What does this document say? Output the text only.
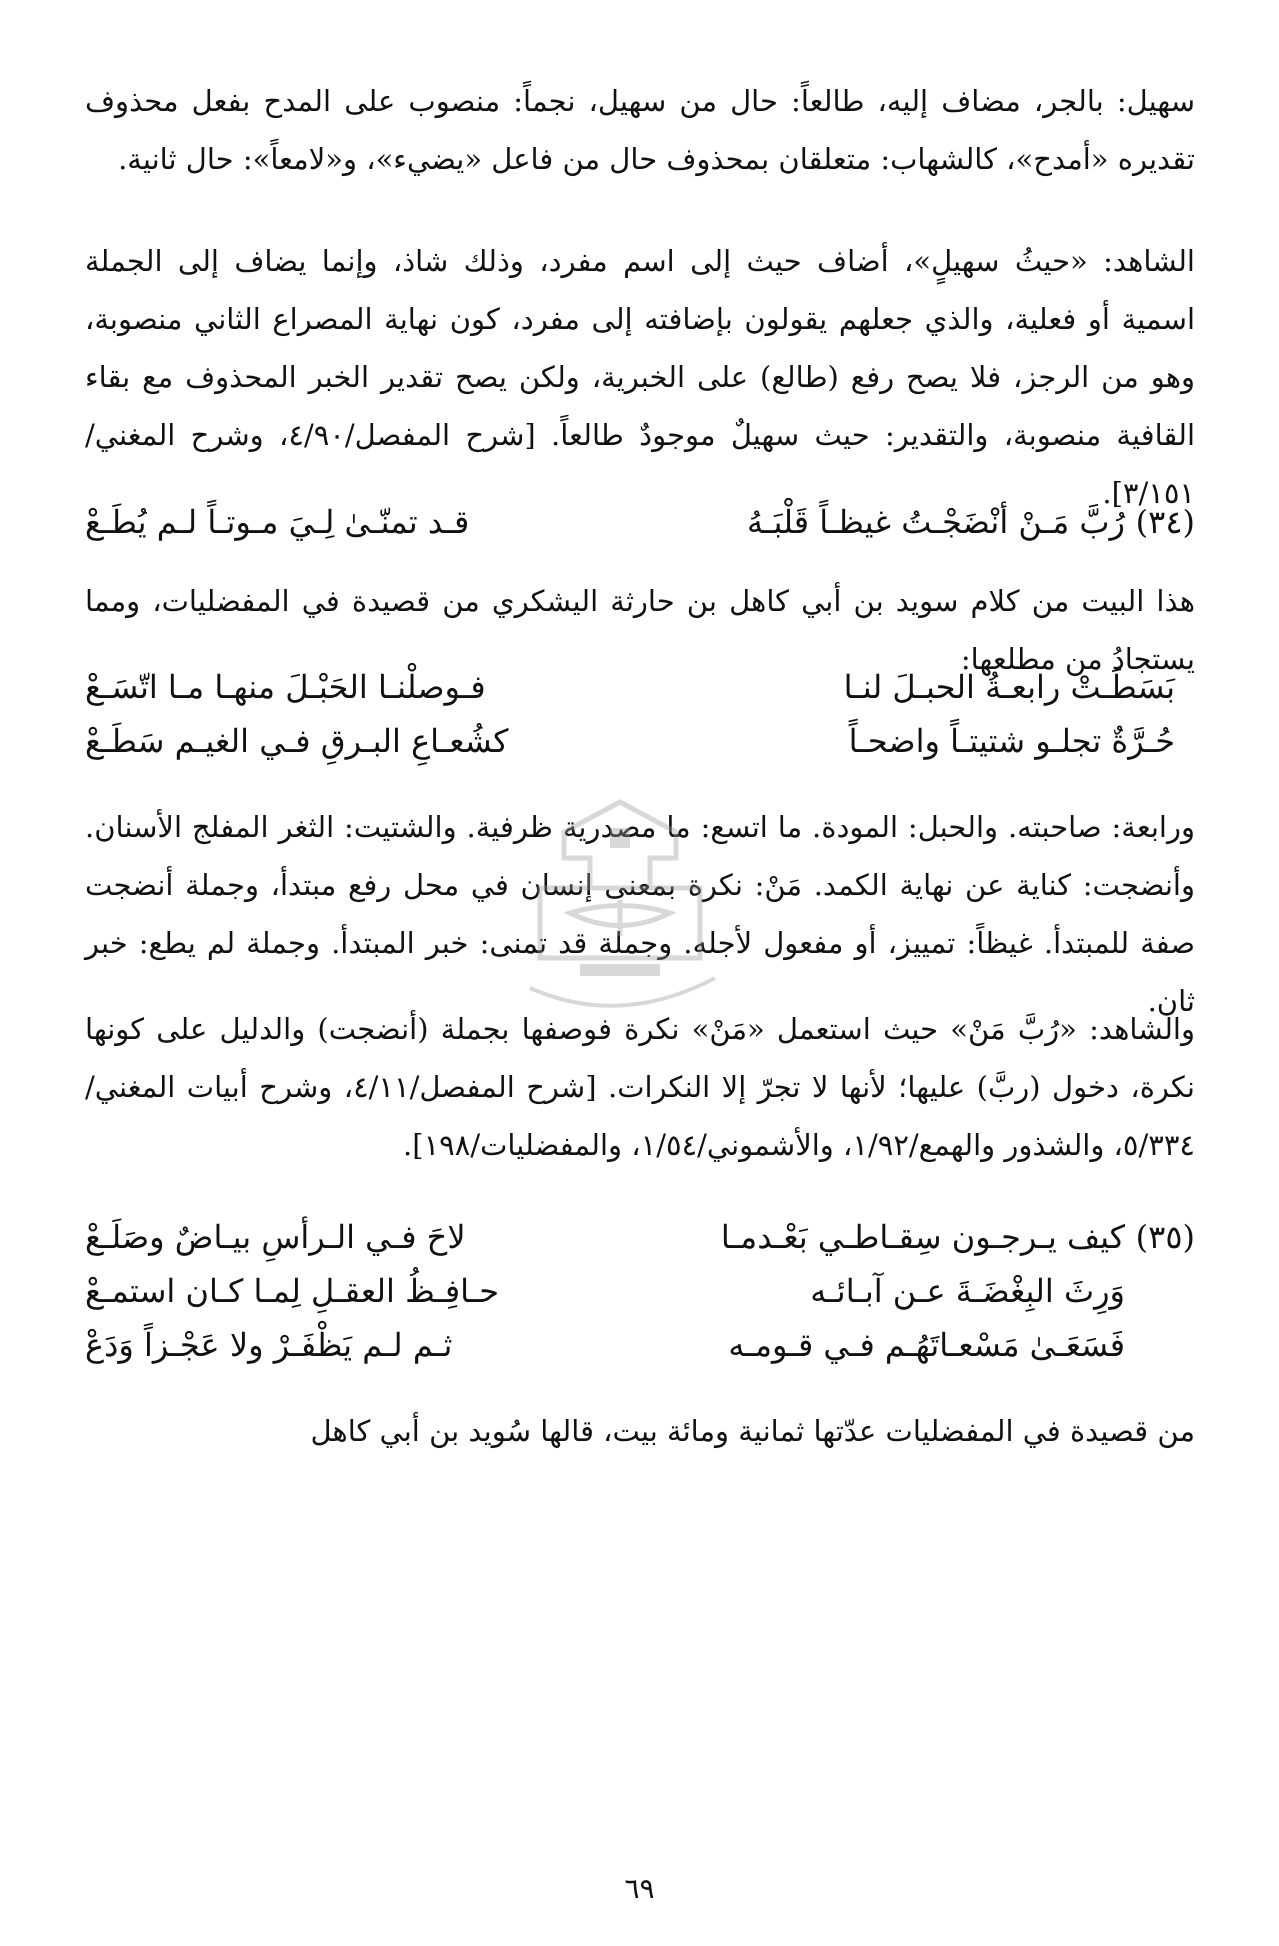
سهيل: بالجر، مضاف إليه، طالعاً: حال من سهيل، نجماً: منصوب على المدح بفعل محذوف تقديره «أمدح»، كالشهاب: متعلقان بمحذوف حال من فاعل «يضيء»، و«لامعاً»: حال ثانية.

الشاهد: «حيثُ سهيلٍ»، أضاف حيث إلى اسم مفرد، وذلك شاذ، وإنما يضاف إلى الجملة اسمية أو فعلية، والذي جعلهم يقولون بإضافته إلى مفرد، كون نهاية المصراع الثاني منصوبة، وهو من الرجز، فلا يصح رفع (طالع) على الخبرية، ولكن يصح تقدير الخبر المحذوف مع بقاء القافية منصوبة، والتقدير: حيث سهيلٌ موجودٌ طالعاً. [شرح المفصل/٤/٩٠، وشرح المغني/٣/١٥١].

(٣٤)
رُبَّ مَـنْ أنْضَجْـتُ غيظـاً قَلْبَـهُ
قـد تمنّـىٰ لِـيَ مـوتـاً لـم يُطَـعْ

هذا البيت من كلام سويد بن أبي كاهل بن حارثة اليشكري من قصيدة في المفضليات، ومما يستجادُ من مطلعها:

بَسَطَـتْ رابعـةُ الحبـلَ لنـا
فـوصلْنـا الحَبْـلَ منهـا مـا اتّسَـعْ
حُـرَّةٌ تجلـو شتيتـاً واضحـاً
كشُعـاعِ البـرقِ فـي الغيـم سَطَـعْ

ورابعة: صاحبته. والحبل: المودة. ما اتسع: ما مصدرية ظرفية. والشتيت: الثغر المفلج الأسنان. وأنضجت: كناية عن نهاية الكمد. مَنْ: نكرة بمعنى إنسان في محل رفع مبتدأ، وجملة أنضجت صفة للمبتدأ. غيظاً: تمييز، أو مفعول لأجله. وجملة قد تمنى: خبر المبتدأ. وجملة لم يطع: خبر ثان.

والشاهد: «رُبَّ مَنْ» حيث استعمل «مَنْ» نكرة فوصفها بجملة (أنضجت) والدليل على كونها نكرة، دخول (ربَّ) عليها؛ لأنها لا تجرّ إلا النكرات. [شرح المفصل/٤/١١، وشرح أبيات المغني/٥/٣٣٤، والشذور والهمع/١/٩٢، والأشموني/١/٥٤، والمفضليات/١٩٨].

(٣٥)
كيف يـرجـون سِقـاطـي بَعْـدمـا
لاحَ فـي الـرأسِ بيـاضٌ وصَلَـعْ
وَرِثَ البِغْضَـةَ عـن آبـائـه
حـافِـظُ العقـلِ لِمـا كـان استمـعْ
فَسَعَـىٰ مَسْعـاتَهُـم فـي قـومـه
ثـم لـم يَظْفَـرْ ولا عَجْـزاً وَدَعْ

من قصيدة في المفضليات عدّتها ثمانية ومائة بيت، قالها سُويد بن أبي كاهل

٦٩
